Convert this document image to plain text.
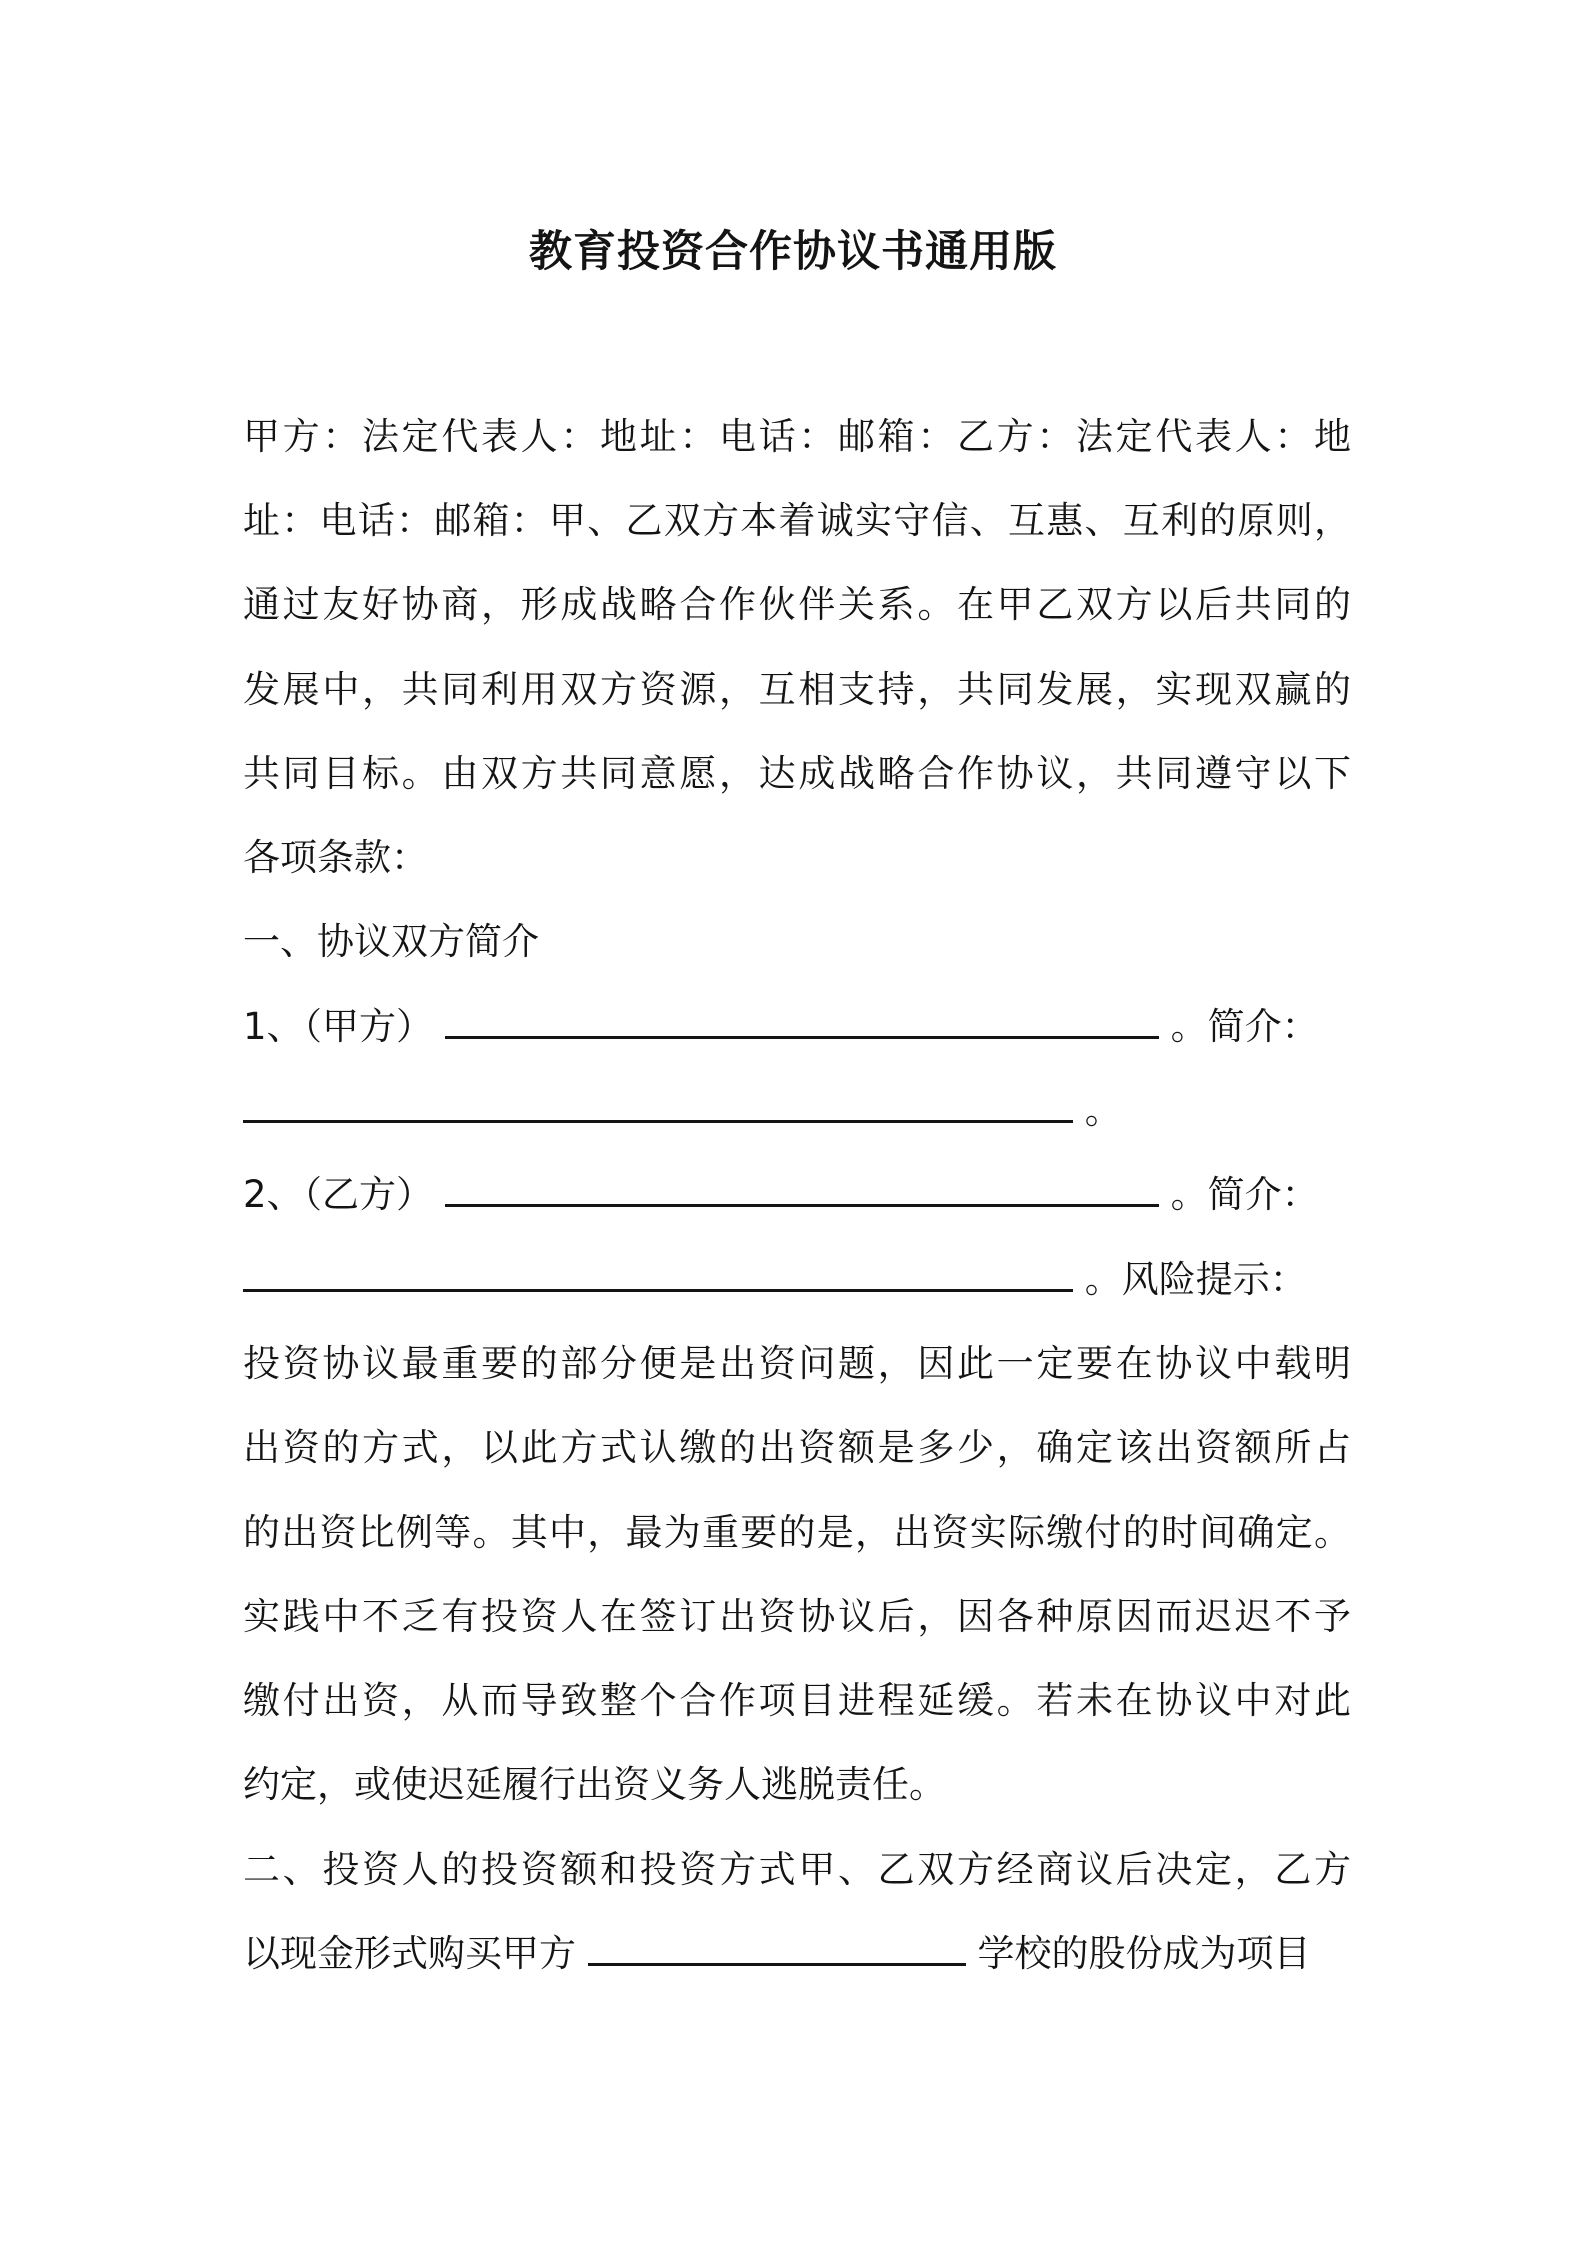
教育投资合作协议书通用版
甲方：法定代表人：地址：电话：邮箱：乙方：法定代表人：地
址：电话：邮箱：甲、乙双方本着诚实守信、互惠、互利的原则，
通过友好协商，形成战略合作伙伴关系。在甲乙双方以后共同的
发展中，共同利用双方资源，互相支持，共同发展，实现双赢的
共同目标。由双方共同意愿，达成战略合作协议，共同遵守以下
各项条款：
一、协议双方简介
1、（甲方）	。简介：
。
2、（乙方）	。简介：
。风险提示：
投资协议最重要的部分便是出资问题，因此一定要在协议中载明
出资的方式，以此方式认缴的出资额是多少，确定该出资额所占
的出资比例等。其中，最为重要的是，出资实际缴付的时间确定。
实践中不乏有投资人在签订出资协议后，因各种原因而迟迟不予
缴付出资，从而导致整个合作项目进程延缓。若未在协议中对此
约定，或使迟延履行出资义务人逃脱责任。
二、投资人的投资额和投资方式甲、乙双方经商议后决定，乙方
以现金形式购买甲方	学校的股份成为项目
